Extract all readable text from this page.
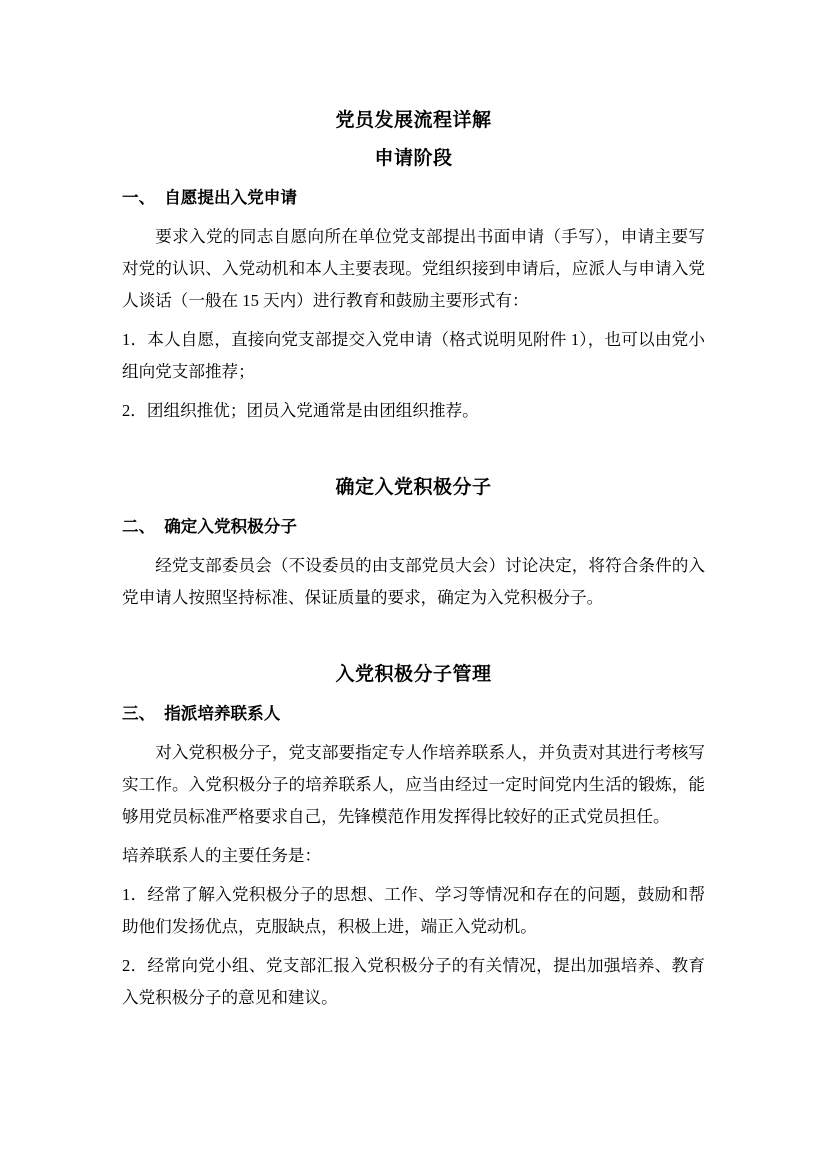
党员发展流程详解
申请阶段
一、 自愿提出入党申请
要求入党的同志自愿向所在单位党支部提出书面申请（手写），申请主要写对党的认识、入党动机和本人主要表现。党组织接到申请后，应派人与申请入党人谈话（一般在 15 天内）进行教育和鼓励主要形式有：
1．本人自愿，直接向党支部提交入党申请（格式说明见附件 1），也可以由党小组向党支部推荐；
2．团组织推优；团员入党通常是由团组织推荐。
确定入党积极分子
二、 确定入党积极分子
经党支部委员会（不设委员的由支部党员大会）讨论决定，将符合条件的入党申请人按照坚持标准、保证质量的要求，确定为入党积极分子。
入党积极分子管理
三、 指派培养联系人
对入党积极分子，党支部要指定专人作培养联系人，并负责对其进行考核写实工作。入党积极分子的培养联系人，应当由经过一定时间党内生活的锻炼，能够用党员标准严格要求自己，先锋模范作用发挥得比较好的正式党员担任。
培养联系人的主要任务是：
1．经常了解入党积极分子的思想、工作、学习等情况和存在的问题，鼓励和帮助他们发扬优点，克服缺点，积极上进，端正入党动机。
2．经常向党小组、党支部汇报入党积极分子的有关情况，提出加强培养、教育入党积极分子的意见和建议。
